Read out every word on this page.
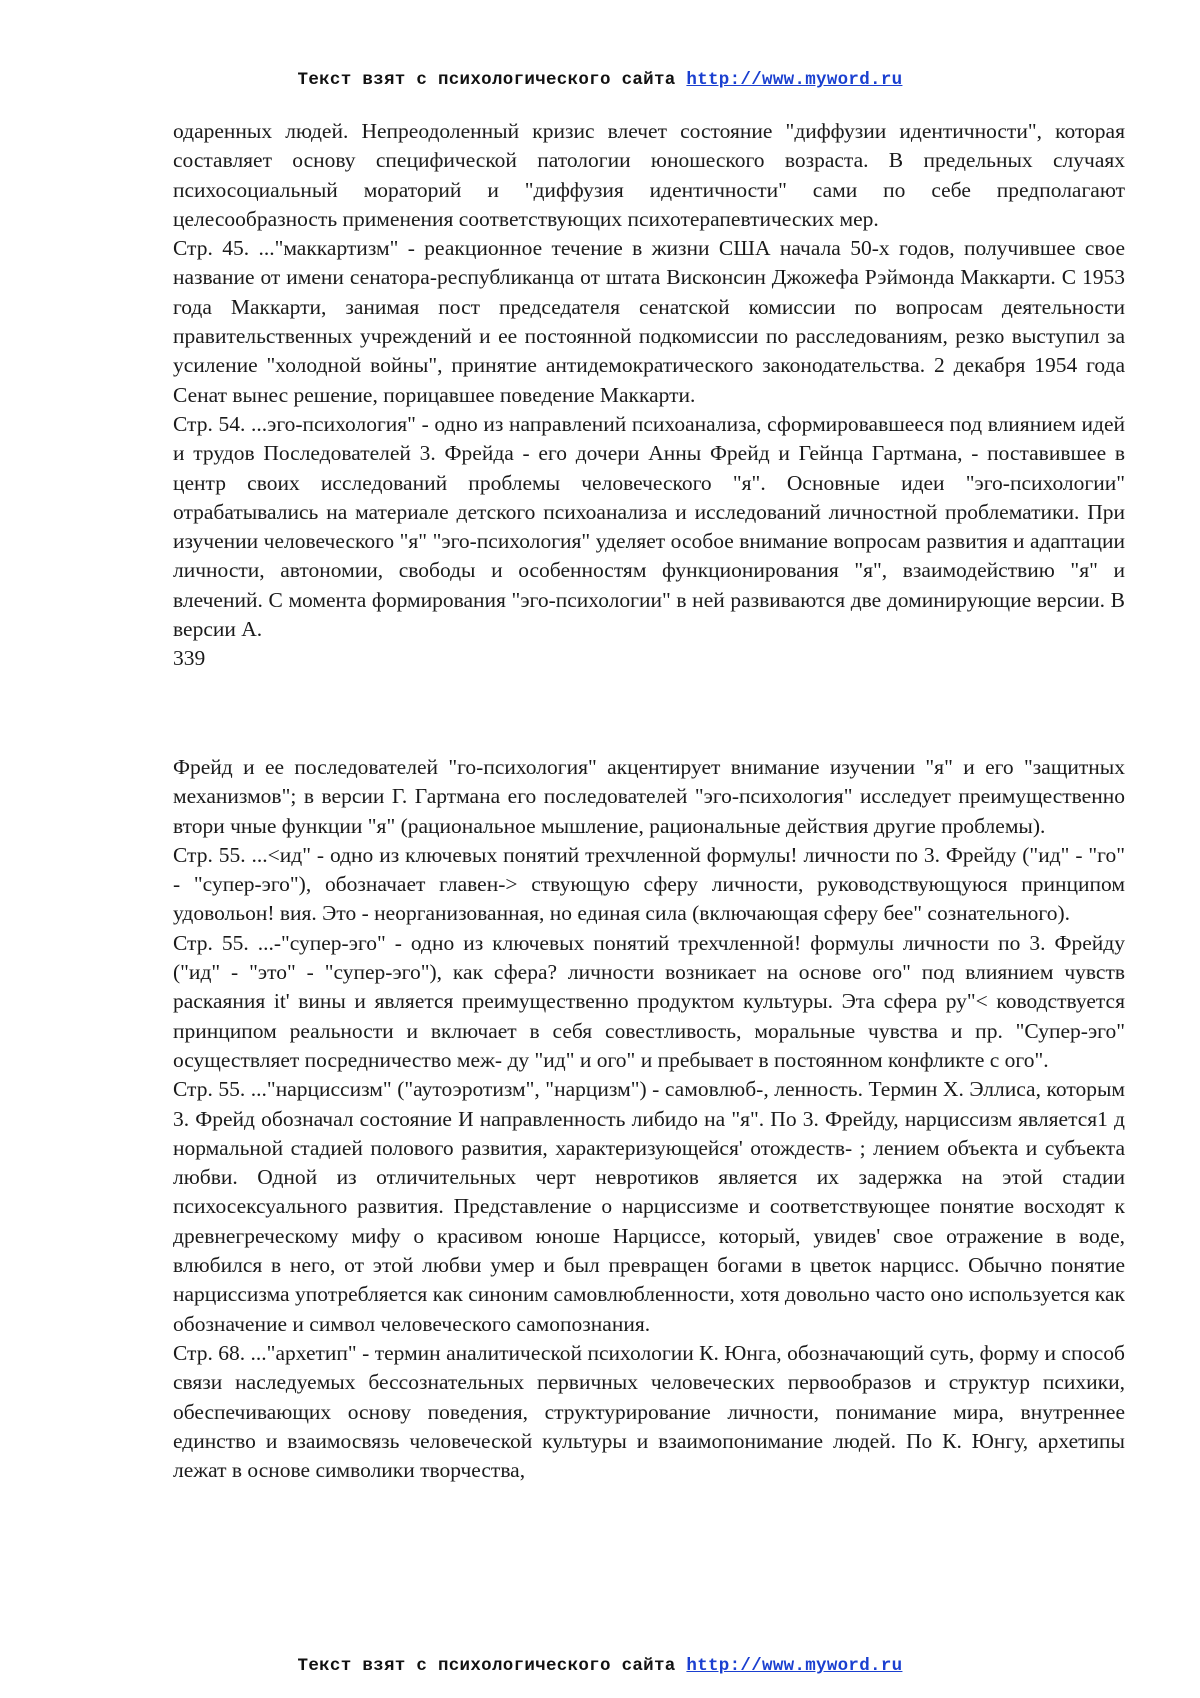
Текст взят с психологического сайта http://www.myword.ru

одаренных людей. Непреодоленный кризис влечет состояние "диффузии идентичности", которая составляет основу специфической патологии юношеского возраста. В предельных случаях психосоциальный мораторий и "диффузия идентичности" сами по себе предполагают целесообразность применения соответствующих психотерапевтических мер.

Стр. 45. ..."маккартизм" - реакционное течение в жизни США начала 50-х годов, получившее свое название от имени сенатора-республиканца от штата Висконсин Джожефа Рэймонда Маккарти. С 1953 года Маккарти, занимая пост председателя сенатской комиссии по вопросам деятельности правительственных учреждений и ее постоянной подкомиссии по расследованиям, резко выступил за усиление "холодной войны", принятие антидемократического законодательства. 2 декабря 1954 года Сенат вынес решение, порицавшее поведение Маккарти.

Стр. 54. ...эго-психология" - одно из направлений психоанализа, сформировавшееся под влиянием идей и трудов Последователей 3. Фрейда - его дочери Анны Фрейд и Гейнца Гартмана, - поставившее в центр своих исследований проблемы человеческого "я". Основные идеи "эго-психологии" отрабатывались на материале детского психоанализа и исследований личностной проблематики. При изучении человеческого "я" "эго-психология" уделяет особое внимание вопросам развития и адаптации личности, автономии, свободы и особенностям функционирования "я", взаимодействию "я" и влечений. С момента формирования "эго-психологии" в ней развиваются две доминирующие версии. В версии А.

339

Фрейд и ее последователей "го-психология" акцентирует внимание изучении "я" и его "защитных механизмов"; в версии Г. Гартмана его последователей "эго-психология" исследует преимущественно втори чные функции "я" (рациональное мышление, рациональные действия другие проблемы).

Стр. 55. ...<ид" - одно из ключевых понятий трехчленной формулы! личности по 3. Фрейду ("ид" - "го" - "супер-эго"), обозначает главен-> ствующую сферу личности, руководствующуюся принципом удовольон! вия. Это - неорганизованная, но единая сила (включающая сферу бее" сознательного).

Стр. 55. ...-"супер-эго" - одно из ключевых понятий трехчленной! формулы личности по 3. Фрейду ("ид" - "это" - "супер-эго"), как сфера? личности возникает на основе ого" под влиянием чувств раскаяния it' вины и является преимущественно продуктом культуры. Эта сфера ру"< ководствуется принципом реальности и включает в себя совестливость, моральные чувства и пр. "Супер-эго" осуществляет посредничество меж- ду "ид" и ого" и пребывает в постоянном конфликте с ого".

Стр. 55. ..."нарциссизм" ("аутоэротизм", "нарцизм") - самовлюб-, ленность. Термин X. Эллиса, которым 3. Фрейд обозначал состояние И направленность либидо на "я". По 3. Фрейду, нарциссизм является1 д нормальной стадией полового развития, характеризующейся' отождеств- ; лением объекта и субъекта любви. Одной из отличительных черт невротиков является их задержка на этой стадии психосексуального развития. Представление о нарциссизме и соответствующее понятие восходят к древнегреческому мифу о красивом юноше Нарциссе, который, увидев' свое отражение в воде, влюбился в него, от этой любви умер и был превращен богами в цветок нарцисс. Обычно понятие нарциссизма употребляется как синоним самовлюбленности, хотя довольно часто оно используется как обозначение и символ человеческого самопознания.

Стр. 68. ..."архетип" - термин аналитической психологии К. Юнга, обозначающий суть, форму и способ связи наследуемых бессознательных первичных человеческих первообразов и структур психики, обеспечивающих основу поведения, структурирование личности, понимание мира, внутреннее единство и взаимосвязь человеческой культуры и взаимопонимание людей. По К. Юнгу, архетипы лежат в основе символики творчества,

Текст взят с психологического сайта http://www.myword.ru
